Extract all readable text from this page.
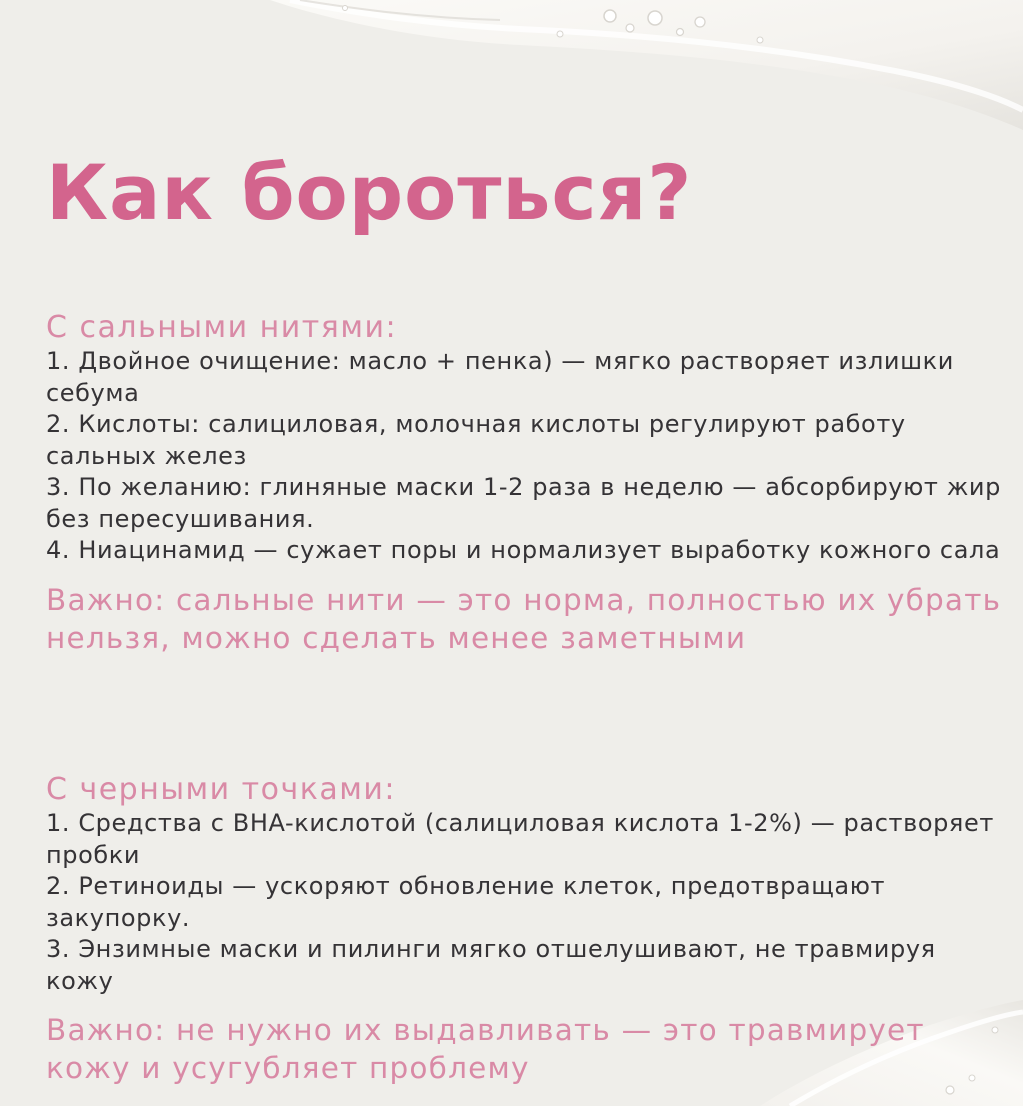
Как бороться?
С сальными нитями:
1. Двойное очищение: масло + пенка) — мягко растворяет излишки себума
2. Кислоты: салициловая, молочная кислоты регулируют работу сальных желез
3. По желанию: глиняные маски 1-2 раза в неделю — абсорбируют жир без пересушивания.
4. Ниацинамид — сужает поры и нормализует выработку кожного сала

Важно: сальные нити — это норма, полностью их убрать нельзя, можно сделать менее заметными

С черными точками:
1. Средства с BHA-кислотой (салициловая кислота 1-2%) — растворяет пробки
2. Ретиноиды — ускоряют обновление клеток, предотвращают закупорку.
3. Энзимные маски и пилинги мягко отшелушивают, не травмируя кожу

Важно: не нужно их выдавливать — это травмирует кожу и усугубляет проблему
